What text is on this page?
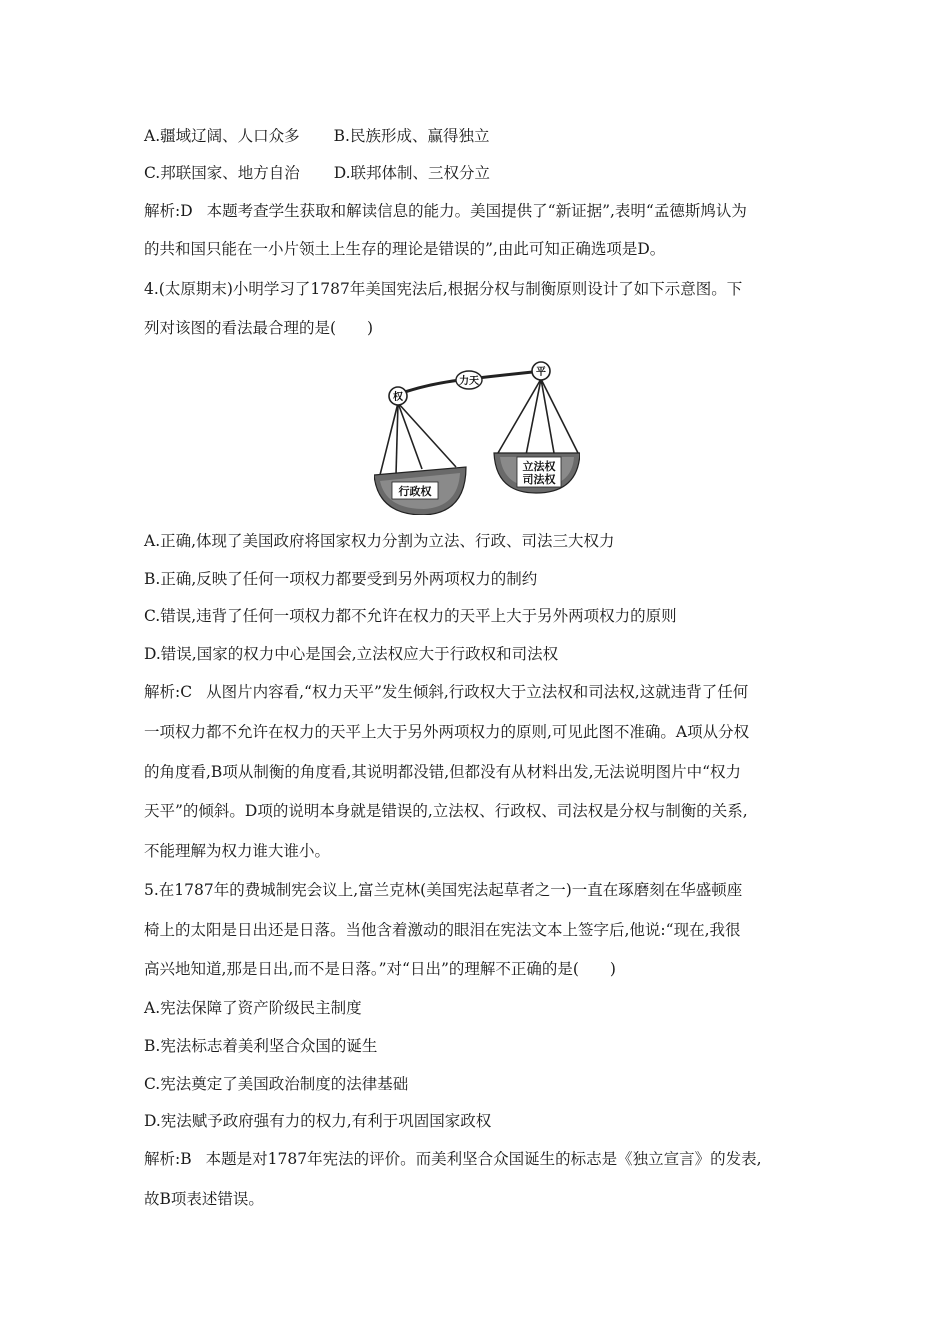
A.疆域辽阔、人口众多 B.民族形成、赢得独立
C.邦联国家、地方自治 D.联邦体制、三权分立
解析:D 本题考查学生获取和解读信息的能力。美国提供了“新证据”,表明“孟德斯鸠认为
的共和国只能在一小片领土上生存的理论是错误的”,由此可知正确选项是D。
4.(太原期末)小明学习了1787年美国宪法后,根据分权与制衡原则设计了如下示意图。下
列对该图的看法最合理的是(　　)
行政权
立法权
司法权
权
力天
平
A.正确,体现了美国政府将国家权力分割为立法、行政、司法三大权力
B.正确,反映了任何一项权力都要受到另外两项权力的制约
C.错误,违背了任何一项权力都不允许在权力的天平上大于另外两项权力的原则
D.错误,国家的权力中心是国会,立法权应大于行政权和司法权
解析:C 从图片内容看,“权力天平”发生倾斜,行政权大于立法权和司法权,这就违背了任何
一项权力都不允许在权力的天平上大于另外两项权力的原则,可见此图不准确。A项从分权
的角度看,B项从制衡的角度看,其说明都没错,但都没有从材料出发,无法说明图片中“权力
天平”的倾斜。D项的说明本身就是错误的,立法权、行政权、司法权是分权与制衡的关系,
不能理解为权力谁大谁小。
5.在1787年的费城制宪会议上,富兰克林(美国宪法起草者之一)一直在琢磨刻在华盛顿座
椅上的太阳是日出还是日落。当他含着激动的眼泪在宪法文本上签字后,他说:“现在,我很
高兴地知道,那是日出,而不是日落。”对“日出”的理解不正确的是(　　)
A.宪法保障了资产阶级民主制度
B.宪法标志着美利坚合众国的诞生
C.宪法奠定了美国政治制度的法律基础
D.宪法赋予政府强有力的权力,有利于巩固国家政权
解析:B 本题是对1787年宪法的评价。而美利坚合众国诞生的标志是《独立宣言》的发表,
故B项表述错误。
